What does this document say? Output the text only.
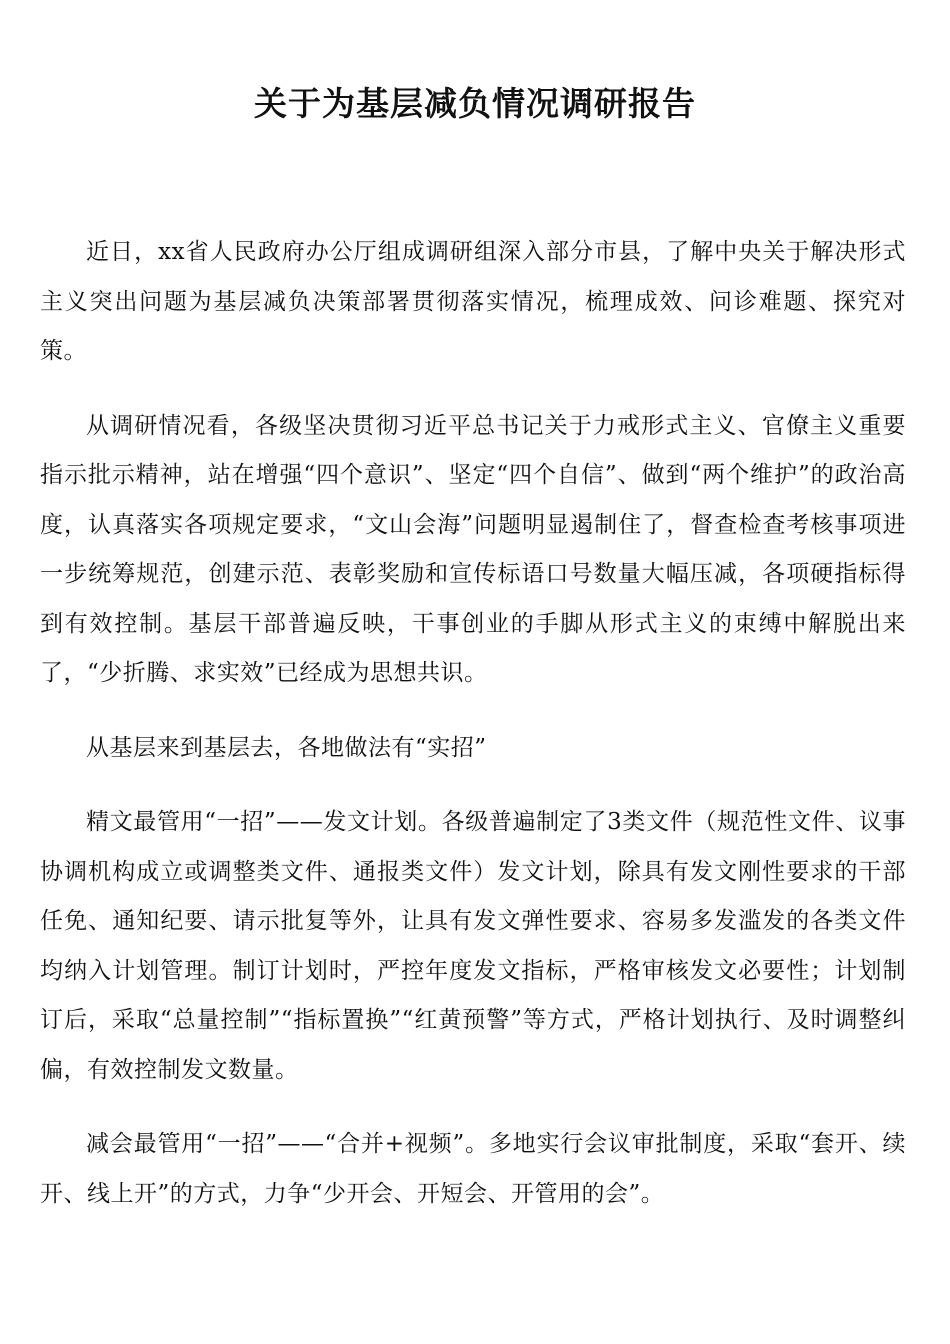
关于为基层减负情况调研报告

近日，xx省人民政府办公厅组成调研组深入部分市县，了解中央关于解决形式主义突出问题为基层减负决策部署贯彻落实情况，梳理成效、问诊难题、探究对策。

从调研情况看，各级坚决贯彻习近平总书记关于力戒形式主义、官僚主义重要指示批示精神，站在增强“四个意识”、坚定“四个自信”、做到“两个维护”的政治高度，认真落实各项规定要求，“文山会海”问题明显遏制住了，督查检查考核事项进一步统筹规范，创建示范、表彰奖励和宣传标语口号数量大幅压减，各项硬指标得到有效控制。基层干部普遍反映，干事创业的手脚从形式主义的束缚中解脱出来了，“少折腾、求实效”已经成为思想共识。

从基层来到基层去，各地做法有“实招”

精文最管用“一招”——发文计划。各级普遍制定了3类文件（规范性文件、议事协调机构成立或调整类文件、通报类文件）发文计划，除具有发文刚性要求的干部任免、通知纪要、请示批复等外，让具有发文弹性要求、容易多发滥发的各类文件均纳入计划管理。制订计划时，严控年度发文指标，严格审核发文必要性；计划制订后，采取“总量控制”“指标置换”“红黄预警”等方式，严格计划执行、及时调整纠偏，有效控制发文数量。

减会最管用“一招”——“合并+视频”。多地实行会议审批制度，采取“套开、续开、线上开”的方式，力争“少开会、开短会、开管用的会”。
